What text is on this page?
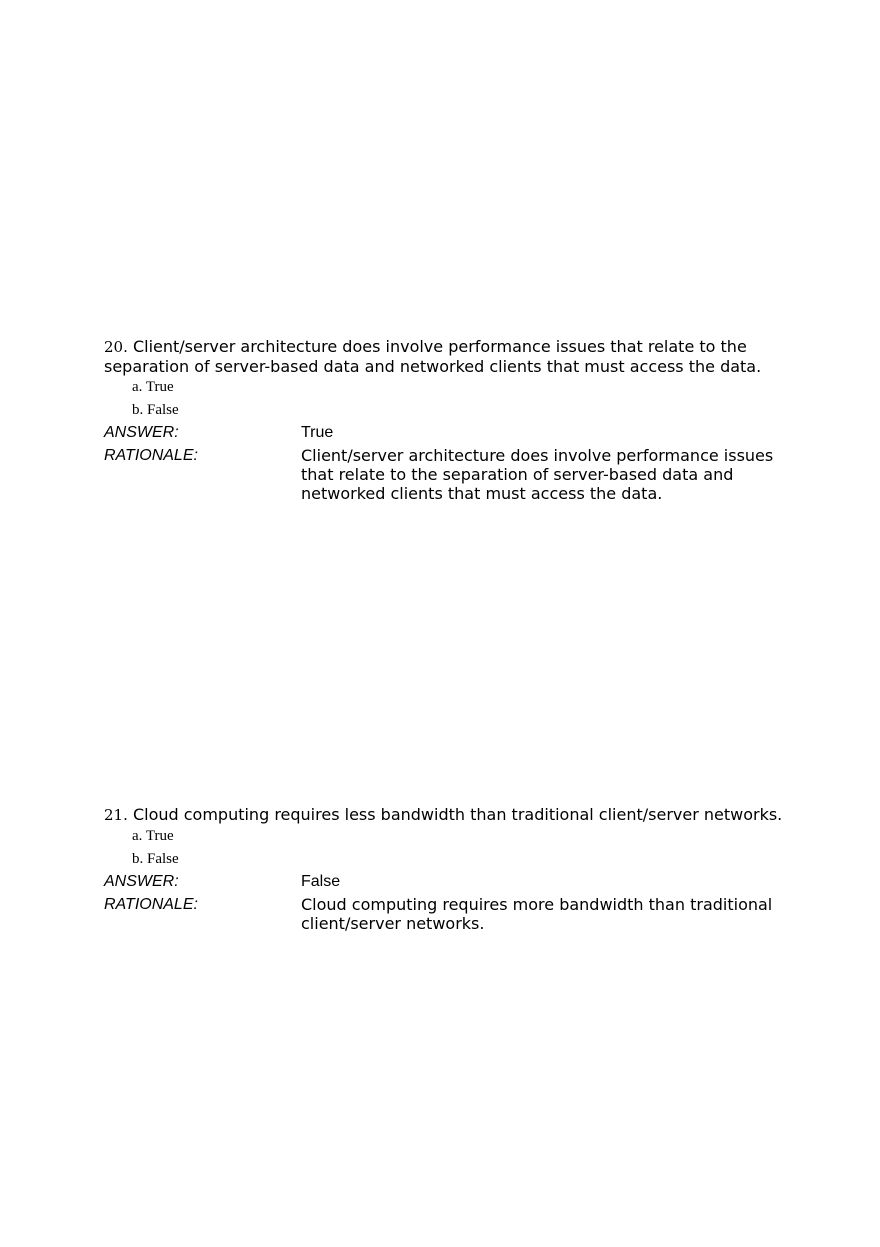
20. Client/server architecture does involve performance issues that relate to the separation of server-based data and networked clients that must access the data.

a. True
b. False
ANSWER:	True
RATIONALE:	Client/server architecture does involve performance issues that relate to the separation of server-based data and networked clients that must access the data.

21. Cloud computing requires less bandwidth than traditional client/server networks.

a. True
b. False
ANSWER:	False
RATIONALE:	Cloud computing requires more bandwidth than traditional client/server networks.
